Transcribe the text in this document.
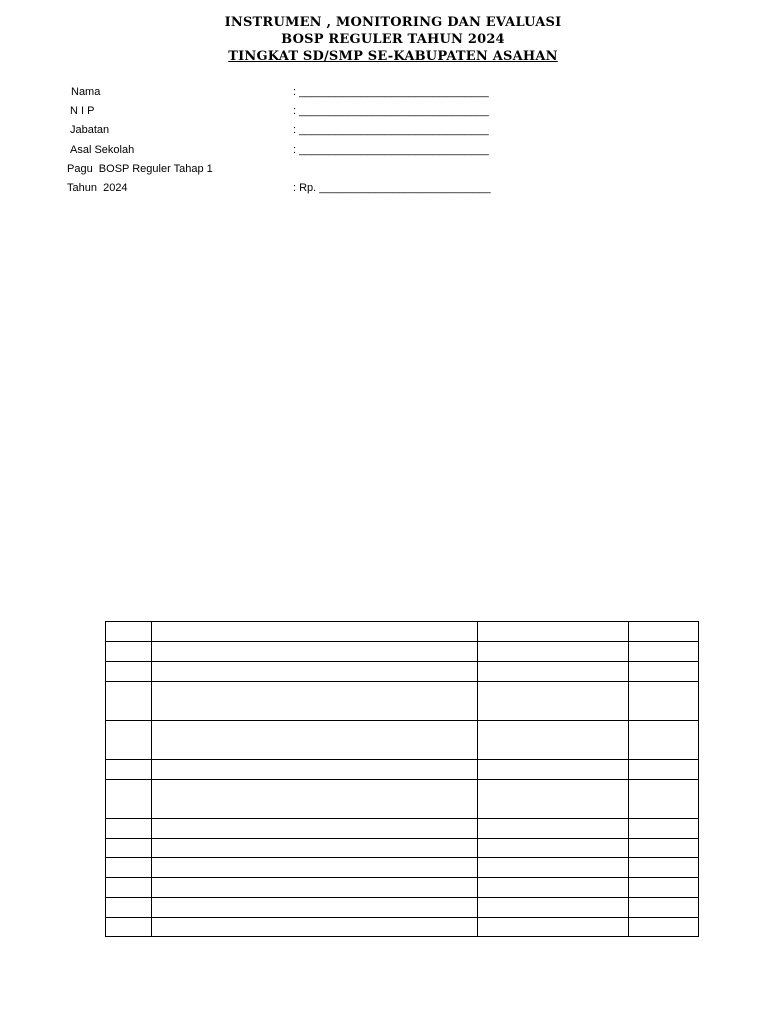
INSTRUMEN , MONITORING DAN EVALUASI
BOSP REGULER TAHUN 2024
TINGKAT SD/SMP SE-KABUPATEN ASAHAN
Nama	: _______________________________
N I P	: _______________________________
Jabatan	: _______________________________
Asal Sekolah	: _______________________________
Pagu  BOSP Reguler Tahap 1
Tahun  2024	: Rp. ____________________________
